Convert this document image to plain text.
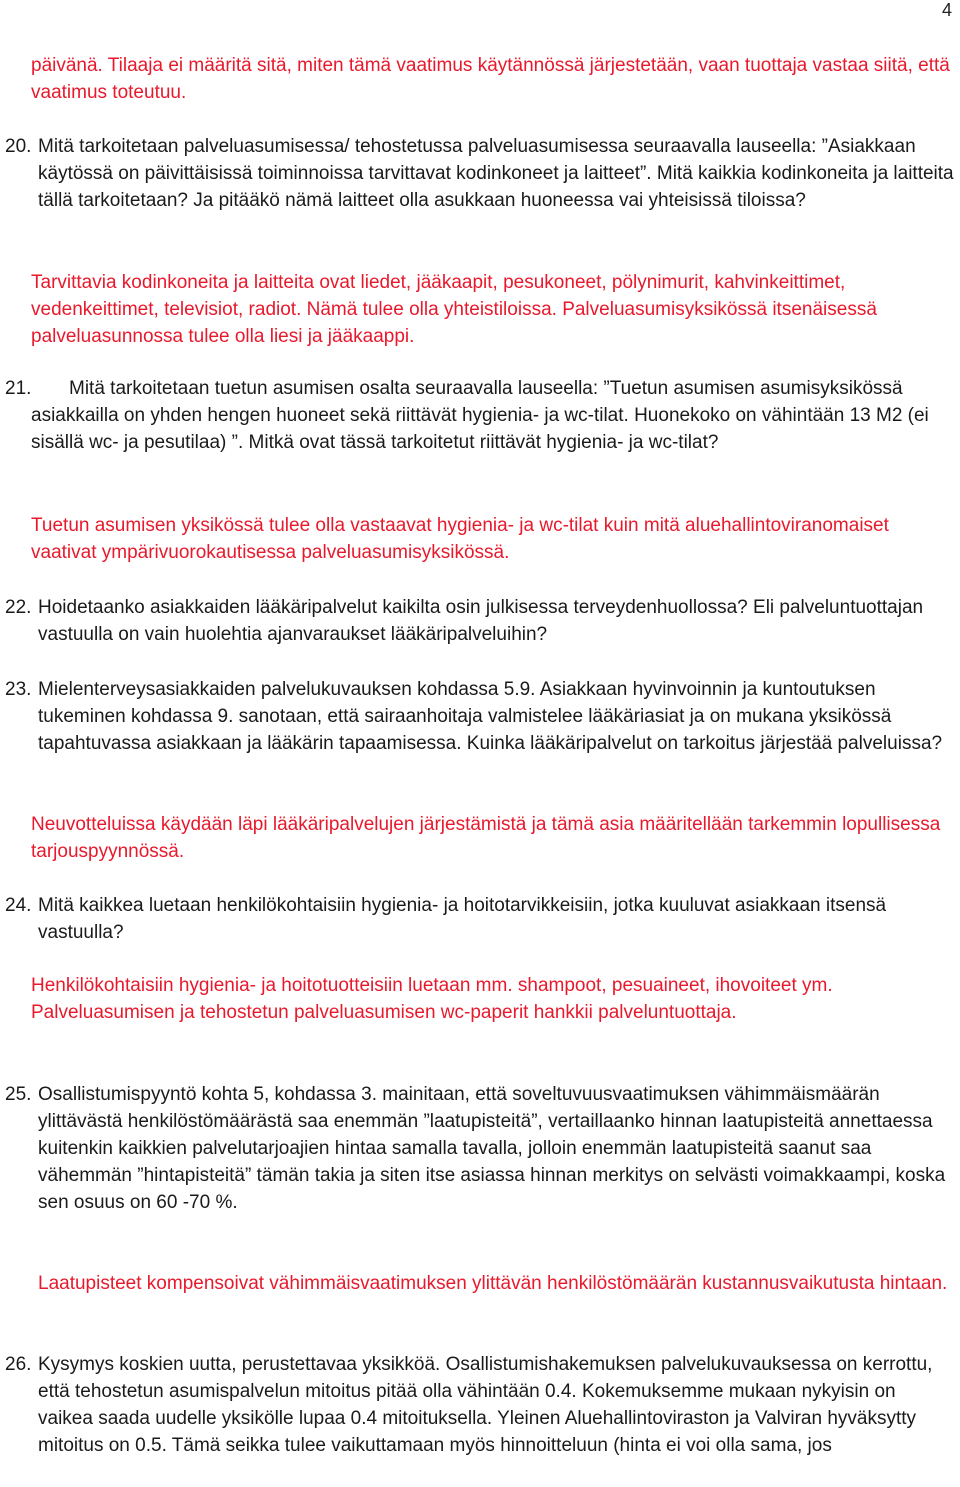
4

päivänä. Tilaaja ei määritä sitä, miten tämä vaatimus käytännössä järjestetään, vaan tuottaja vastaa siitä, että vaatimus toteutuu.

20. Mitä tarkoitetaan palveluasumisessa/ tehostetussa palveluasumisessa seuraavalla lauseella: ”Asiakkaan käytössä on päivittäisissä toiminnoissa tarvittavat kodinkoneet ja laitteet”. Mitä kaikkia kodinkoneita ja laitteita tällä tarkoitetaan? Ja pitääkö nämä laitteet olla asukkaan huoneessa vai yhteisissä tiloissa?

Tarvittavia kodinkoneita ja laitteita ovat liedet, jääkaapit, pesukoneet, pölynimurit, kahvinkeittimet, vedenkeittimet, televisiot, radiot. Nämä tulee olla yhteistiloissa. Palveluasumisyksikössä itsenäisessä palveluasunnossa tulee olla liesi ja jääkaappi.

21.	Mitä tarkoitetaan tuetun asumisen osalta seuraavalla lauseella: ”Tuetun asumisen asumisyksikössä asiakkailla on yhden hengen huoneet sekä riittävät hygienia- ja wc-tilat. Huonekoko on vähintään 13 M2 (ei sisällä wc- ja pesutilaa) ”. Mitkä ovat tässä tarkoitetut riittävät hygienia- ja wc-tilat?

Tuetun asumisen yksikössä tulee olla vastaavat hygienia- ja wc-tilat kuin mitä aluehallintoviranomaiset vaativat ympärivuorokautisessa palveluasumisyksikössä.

22. Hoidetaanko asiakkaiden lääkäripalvelut kaikilta osin julkisessa terveydenhuollossa? Eli palveluntuottajan vastuulla on vain huolehtia ajanvaraukset lääkäripalveluihin?

23. Mielenterveysasiakkaiden palvelukuvauksen kohdassa 5.9. Asiakkaan hyvinvoinnin ja kuntoutuksen tukeminen kohdassa 9. sanotaan, että sairaanhoitaja valmistelee lääkäriasiat ja on mukana yksikössä tapahtuvassa asiakkaan ja lääkärin tapaamisessa. Kuinka lääkäripalvelut on tarkoitus järjestää palveluissa?

Neuvotteluissa käydään läpi lääkäripalvelujen järjestämistä ja tämä asia määritellään tarkemmin lopullisessa tarjouspyynnössä.

24. Mitä kaikkea luetaan henkilökohtaisiin hygienia- ja hoitotarvikkeisiin, jotka kuuluvat asiakkaan itsensä vastuulla?

Henkilökohtaisiin hygienia- ja hoitotuotteisiin luetaan mm. shampoot, pesuaineet, ihovoiteet ym. Palveluasumisen ja tehostetun palveluasumisen wc-paperit hankkii palveluntuottaja.

25. Osallistumispyyntö kohta 5, kohdassa 3. mainitaan, että soveltuvuusvaatimuksen vähimmäismäärän ylittävästä henkilöstömäärästä saa enemmän ”laatupisteitä”, vertaillaanko hinnan laatupisteitä annettaessa kuitenkin kaikkien palvelutarjoajien hintaa samalla tavalla, jolloin enemmän laatupisteitä saanut saa vähemmän ”hintapisteitä” tämän takia ja siten itse asiassa hinnan merkitys on selvästi voimakkaampi, koska sen osuus on 60 -70 %.

Laatupisteet kompensoivat vähimmäisvaatimuksen ylittävän henkilöstömäärän kustannusvaikutusta hintaan.

26. Kysymys koskien uutta, perustettavaa yksikköä. Osallistumishakemuksen palvelukuvauksessa on kerrottu, että tehostetun asumispalvelun mitoitus pitää olla vähintään 0.4. Kokemuksemme mukaan nykyisin on vaikea saada uudelle yksikölle lupaa 0.4 mitoituksella. Yleinen Aluehallintoviraston ja Valviran hyväksytty mitoitus on 0.5. Tämä seikka tulee vaikuttamaan myös hinnoitteluun (hinta ei voi olla sama, jos
